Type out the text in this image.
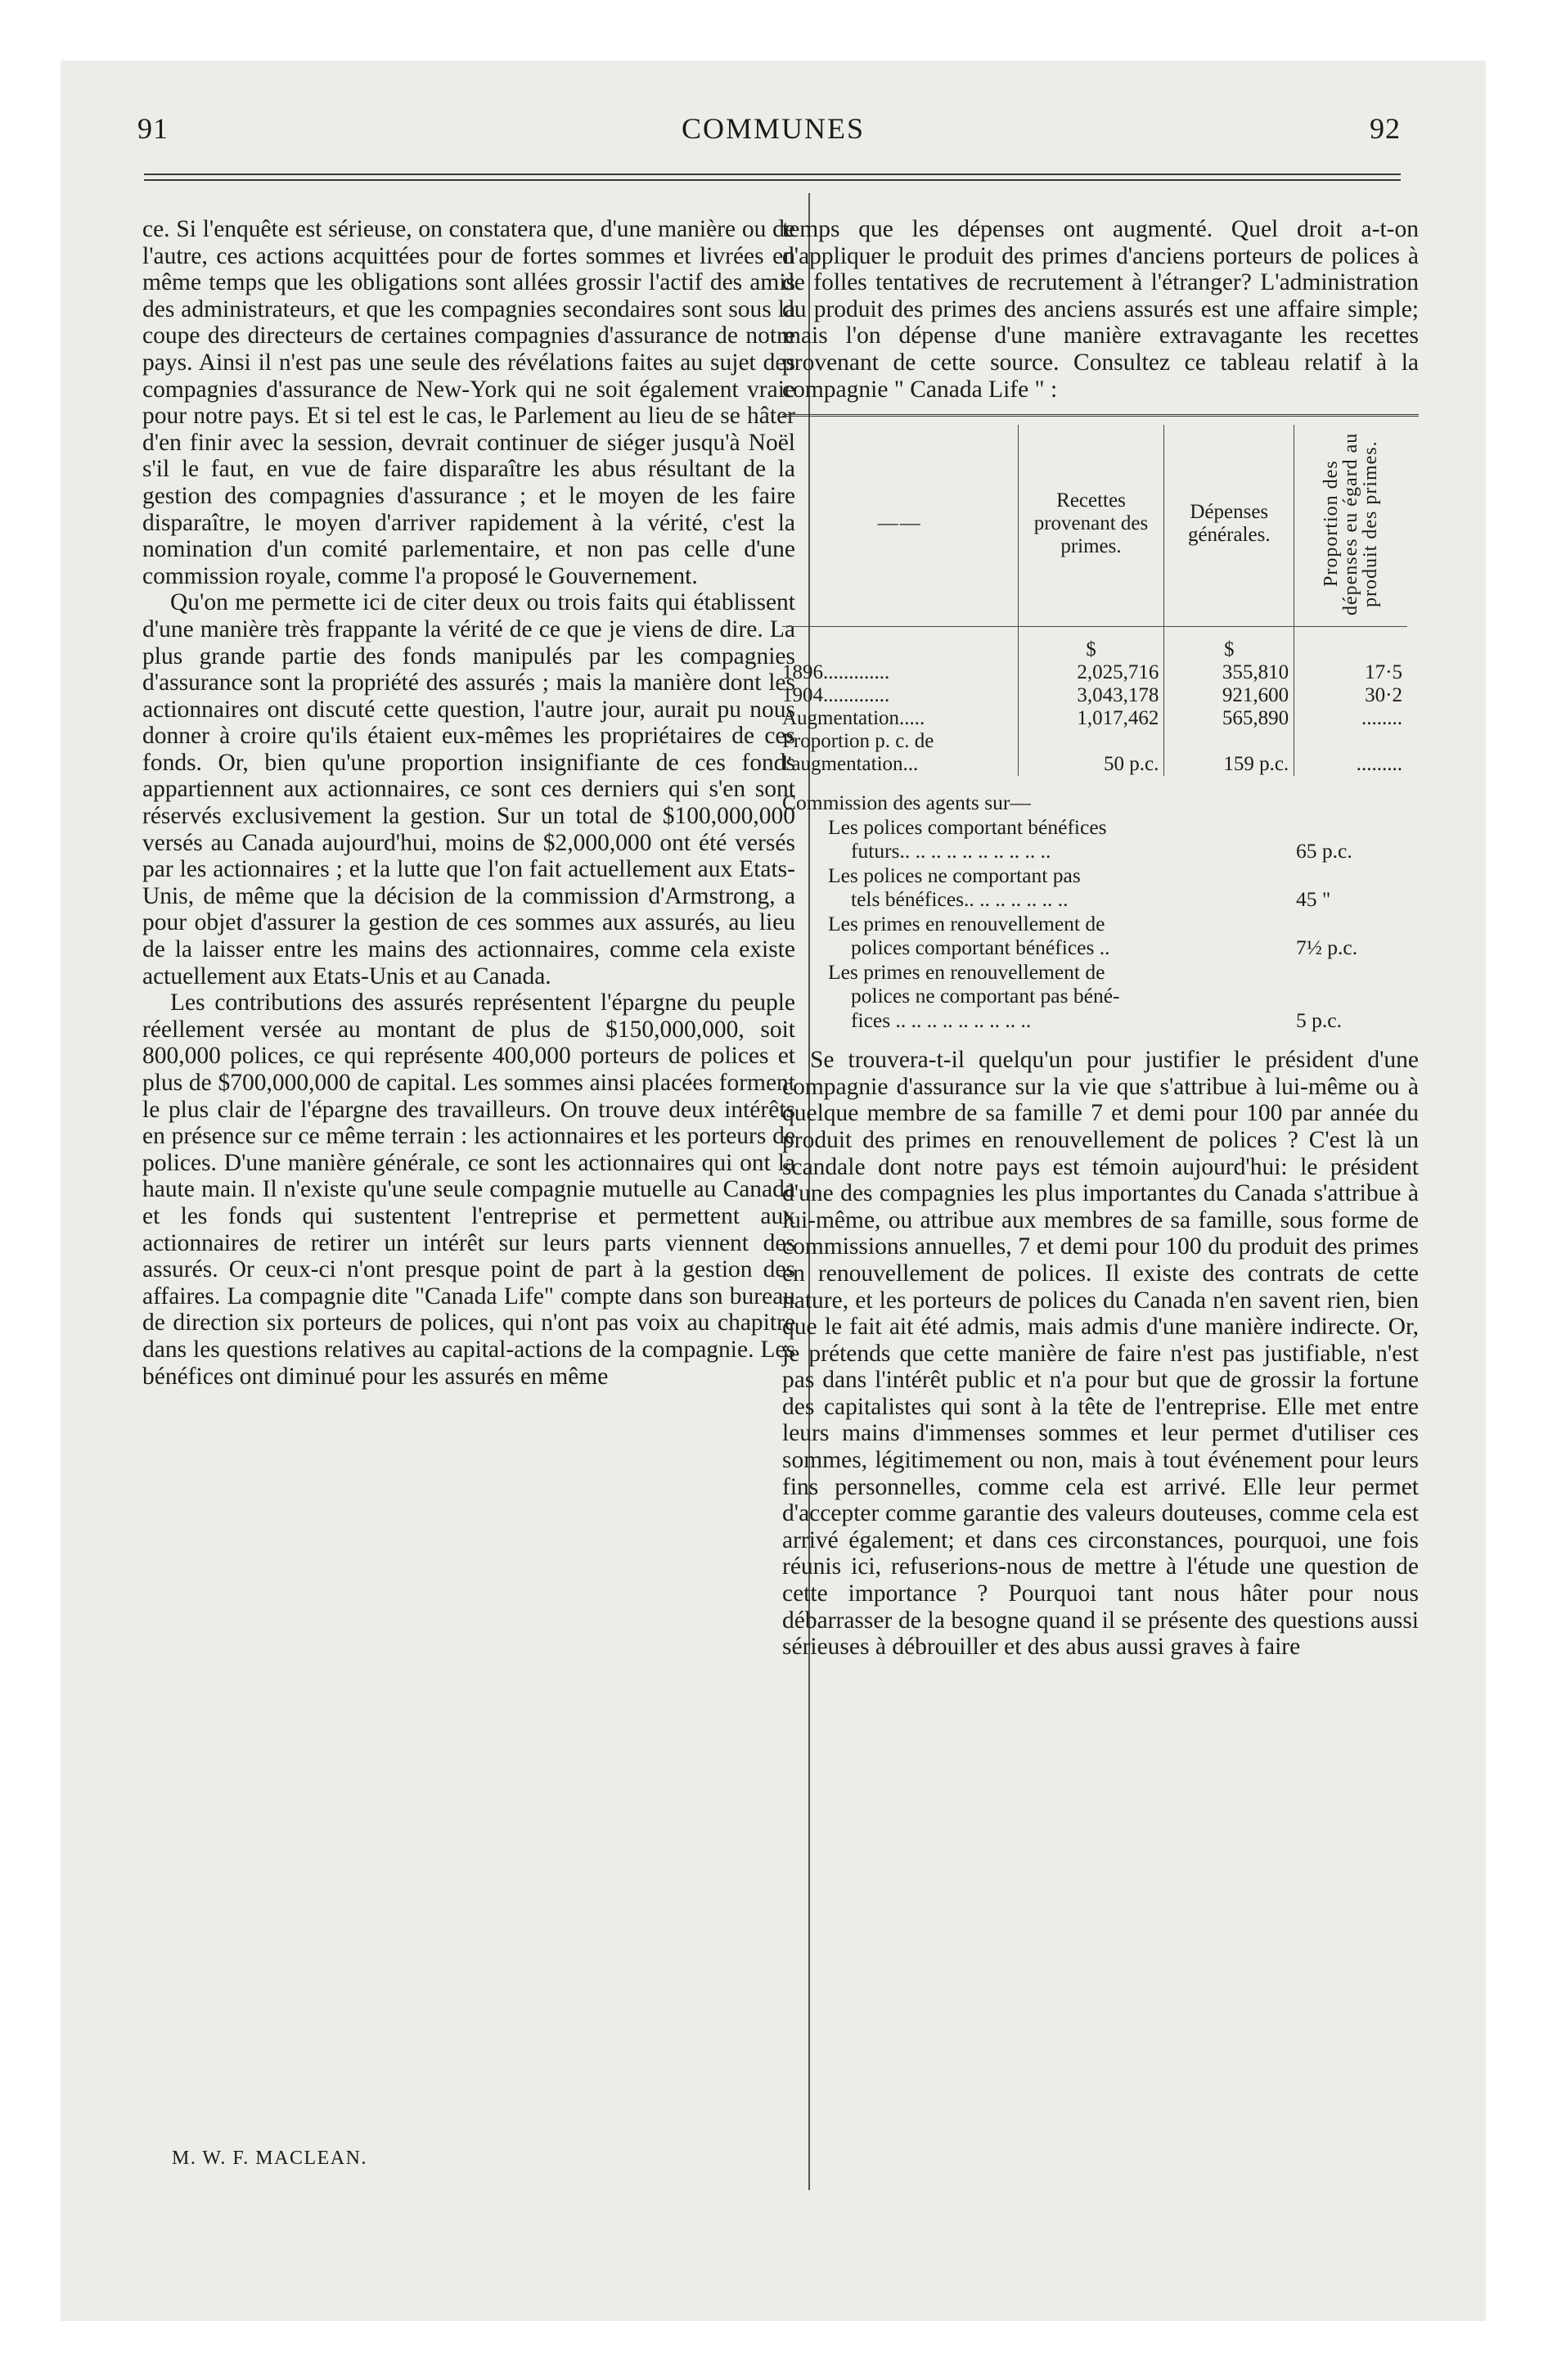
91	COMMUNES	92

ce. Si l'enquête est sérieuse, on constatera que, d'une manière ou de l'autre, ces actions acquittées pour de fortes sommes et livrées en même temps que les obligations sont allées grossir l'actif des amis des administrateurs, et que les compagnies secondaires sont sous la coupe des directeurs de certaines compagnies d'assurance de notre pays. Ainsi il n'est pas une seule des révélations faites au sujet des compagnies d'assurance de New-York qui ne soit également vraie pour notre pays. Et si tel est le cas, le Parlement au lieu de se hâter d'en finir avec la session, devrait continuer de siéger jusqu'à Noël s'il le faut, en vue de faire disparaître les abus résultant de la gestion des compagnies d'assurance ; et le moyen de les faire disparaître, le moyen d'arriver rapidement à la vérité, c'est la nomination d'un comité parlementaire, et non pas celle d'une commission royale, comme l'a proposé le Gouvernement.

Qu'on me permette ici de citer deux ou trois faits qui établissent d'une manière très frappante la vérité de ce que je viens de dire. La plus grande partie des fonds manipulés par les compagnies d'assurance sont la propriété des assurés ; mais la manière dont les actionnaires ont discuté cette question, l'autre jour, aurait pu nous donner à croire qu'ils étaient eux-mêmes les propriétaires de ces fonds. Or, bien qu'une proportion insignifiante de ces fonds appartiennent aux actionnaires, ce sont ces derniers qui s'en sont réservés exclusivement la gestion. Sur un total de $100,000,000 versés au Canada aujourd'hui, moins de $2,000,000 ont été versés par les actionnaires ; et la lutte que l'on fait actuellement aux Etats-Unis, de même que la décision de la commission d'Armstrong, a pour objet d'assurer la gestion de ces sommes aux assurés, au lieu de la laisser entre les mains des actionnaires, comme cela existe actuellement aux Etats-Unis et au Canada.

Les contributions des assurés représentent l'épargne du peuple réellement versée au montant de plus de $150,000,000, soit 800,000 polices, ce qui représente 400,000 porteurs de polices et plus de $700,000,000 de capital. Les sommes ainsi placées forment le plus clair de l'épargne des travailleurs. On trouve deux intérêts en présence sur ce même terrain : les actionnaires et les porteurs de polices. D'une manière générale, ce sont les actionnaires qui ont la haute main. Il n'existe qu'une seule compagnie mutuelle au Canada et les fonds qui sustentent l'entreprise et permettent aux actionnaires de retirer un intérêt sur leurs parts viennent des assurés. Or ceux-ci n'ont presque point de part à la gestion des affaires. La compagnie dite "Canada Life" compte dans son bureau de direction six porteurs de polices, qui n'ont pas voix au chapitre dans les questions relatives au capital-actions de la compagnie. Les bénéfices ont diminué pour les assurés en même

M. W. F. MACLEAN.

temps que les dépenses ont augmenté. Quel droit a-t-on d'appliquer le produit des primes d'anciens porteurs de polices à de folles tentatives de recrutement à l'étranger? L'administration du produit des primes des anciens assurés est une affaire simple; mais l'on dépense d'une manière extravagante les recettes provenant de cette source. Consultez ce tableau relatif à la compagnie " Canada Life " :

——	Recettes provenant des primes.	Dépenses générales.	Proportion des dépenses eu égard au produit des primes.

	$	$	
1896.............	2,025,716	355,810	17·5
1904.............	3,043,178	921,600	30·2
Augmentation.....	1,017,462	565,890	........
Proportion p. c. de l'augmentation...	50 p.c.	159 p.c.	.........
Commission des agents sur—
Les polices comportant bénéfices
futurs.. .. .. .. .. .. .. .. .. ..	65 p.c.
Les polices ne comportant pas
tels bénéfices.. .. .. .. .. .. ..	45 "
Les primes en renouvellement de
polices comportant bénéfices ..	7½ p.c.
Les primes en renouvellement de
polices ne comportant pas béné-
fices .. .. .. .. .. .. .. .. ..	5 p.c.

Se trouvera-t-il quelqu'un pour justifier le président d'une compagnie d'assurance sur la vie que s'attribue à lui-même ou à quelque membre de sa famille 7 et demi pour 100 par année du produit des primes en renouvellement de polices ? C'est là un scandale dont notre pays est témoin aujourd'hui: le président d'une des compagnies les plus importantes du Canada s'attribue à lui-même, ou attribue aux membres de sa famille, sous forme de commissions annuelles, 7 et demi pour 100 du produit des primes en renouvellement de polices. Il existe des contrats de cette nature, et les porteurs de polices du Canada n'en savent rien, bien que le fait ait été admis, mais admis d'une manière indirecte. Or, je prétends que cette manière de faire n'est pas justifiable, n'est pas dans l'intérêt public et n'a pour but que de grossir la fortune des capitalistes qui sont à la tête de l'entreprise. Elle met entre leurs mains d'immenses sommes et leur permet d'utiliser ces sommes, légitimement ou non, mais à tout événement pour leurs fins personnelles, comme cela est arrivé. Elle leur permet d'accepter comme garantie des valeurs douteuses, comme cela est arrivé également; et dans ces circonstances, pourquoi, une fois réunis ici, refuserions-nous de mettre à l'étude une question de cette importance ? Pourquoi tant nous hâter pour nous débarrasser de la besogne quand il se présente des questions aussi sérieuses à débrouiller et des abus aussi graves à faire
